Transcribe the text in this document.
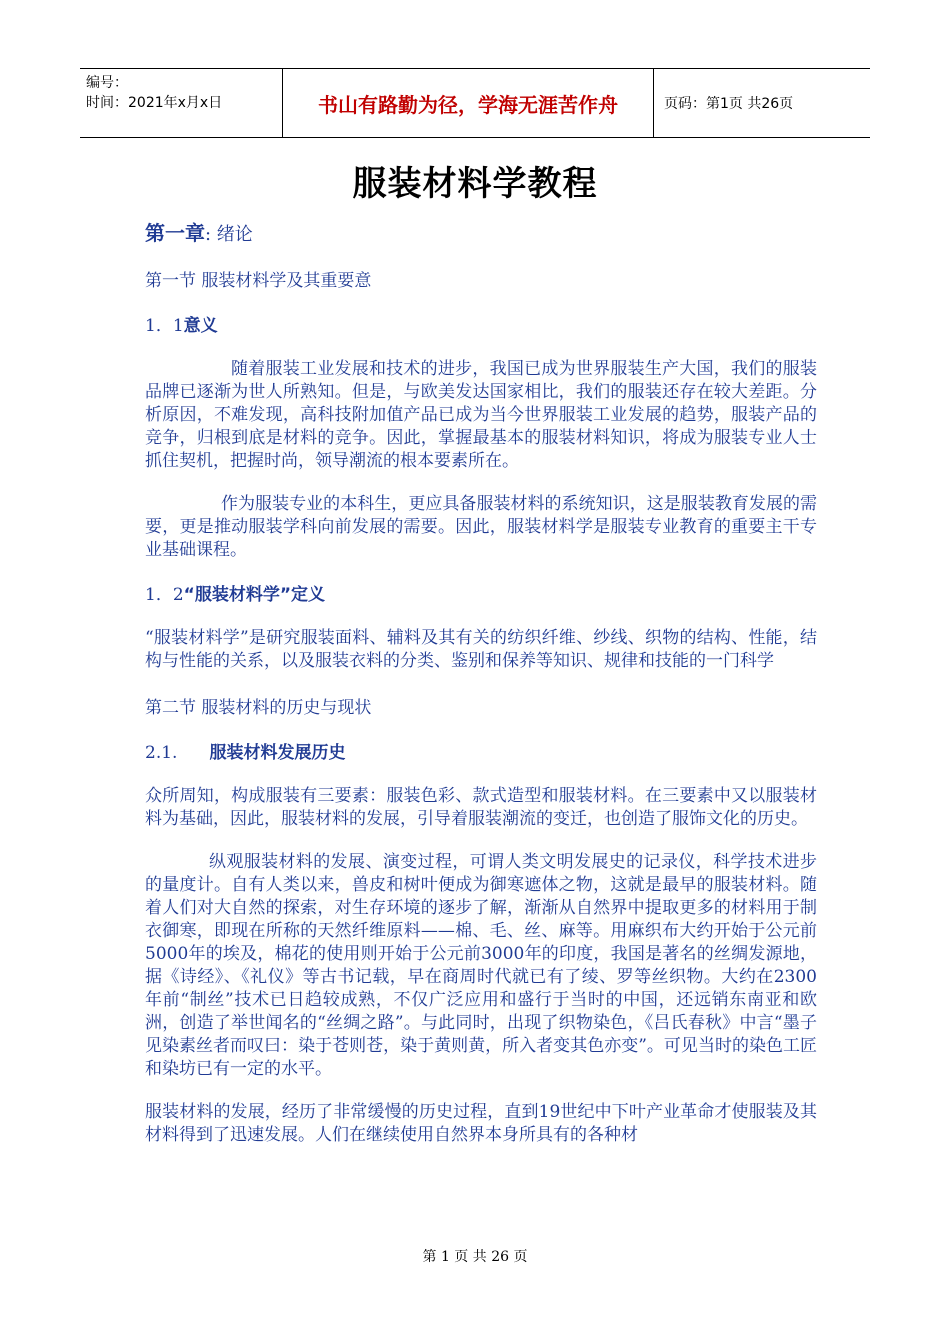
编号：
时间：2021年x月x日	书山有路勤为径，学海无涯苦作舟	页码：第1页 共26页
服装材料学教程

第一章: 绪论

第一节 服装材料学及其重要意

1．1意义

随着服装工业发展和技术的进步，我国已成为世界服装生产大国，我们的服装品牌已逐渐为世人所熟知。但是，与欧美发达国家相比，我们的服装还存在较大差距。分析原因，不难发现，高科技附加值产品已成为当今世界服装工业发展的趋势，服装产品的竞争，归根到底是材料的竞争。因此，掌握最基本的服装材料知识，将成为服装专业人士抓住契机，把握时尚，领导潮流的根本要素所在。

作为服装专业的本科生，更应具备服装材料的系统知识，这是服装教育发展的需要，更是推动服装学科向前发展的需要。因此，服装材料学是服装专业教育的重要主干专业基础课程。

1．2“服装材料学”定义

“服装材料学”是研究服装面料、辅料及其有关的纺织纤维、纱线、织物的结构、性能，结构与性能的关系，以及服装衣料的分类、鉴别和保养等知识、规律和技能的一门科学

第二节 服装材料的历史与现状

2.1. 服装材料发展历史

众所周知，构成服装有三要素：服装色彩、款式造型和服装材料。在三要素中又以服装材料为基础，因此，服装材料的发展，引导着服装潮流的变迁，也创造了服饰文化的历史。

纵观服装材料的发展、演变过程，可谓人类文明发展史的记录仪，科学技术进步的量度计。自有人类以来，兽皮和树叶便成为御寒遮体之物，这就是最早的服装材料。随着人们对大自然的探索，对生存环境的逐步了解，渐渐从自然界中提取更多的材料用于制衣御寒，即现在所称的天然纤维原料——棉、毛、丝、麻等。用麻织布大约开始于公元前5000年的埃及，棉花的使用则开始于公元前3000年的印度，我国是著名的丝绸发源地，据《诗经》、《礼仪》等古书记载，早在商周时代就已有了绫、罗等丝织物。大约在2300年前“制丝”技术已日趋较成熟，不仅广泛应用和盛行于当时的中国，还远销东南亚和欧洲，创造了举世闻名的“丝绸之路”。与此同时，出现了织物染色，《吕氏春秋》中言“墨子见染素丝者而叹曰：染于苍则苍，染于黄则黄，所入者变其色亦变”。可见当时的染色工匠和染坊已有一定的水平。

服装材料的发展，经历了非常缓慢的历史过程，直到19世纪中下叶产业革命才使服装及其材料得到了迅速发展。人们在继续使用自然界本身所具有的各种材

第 1 页 共 26 页
